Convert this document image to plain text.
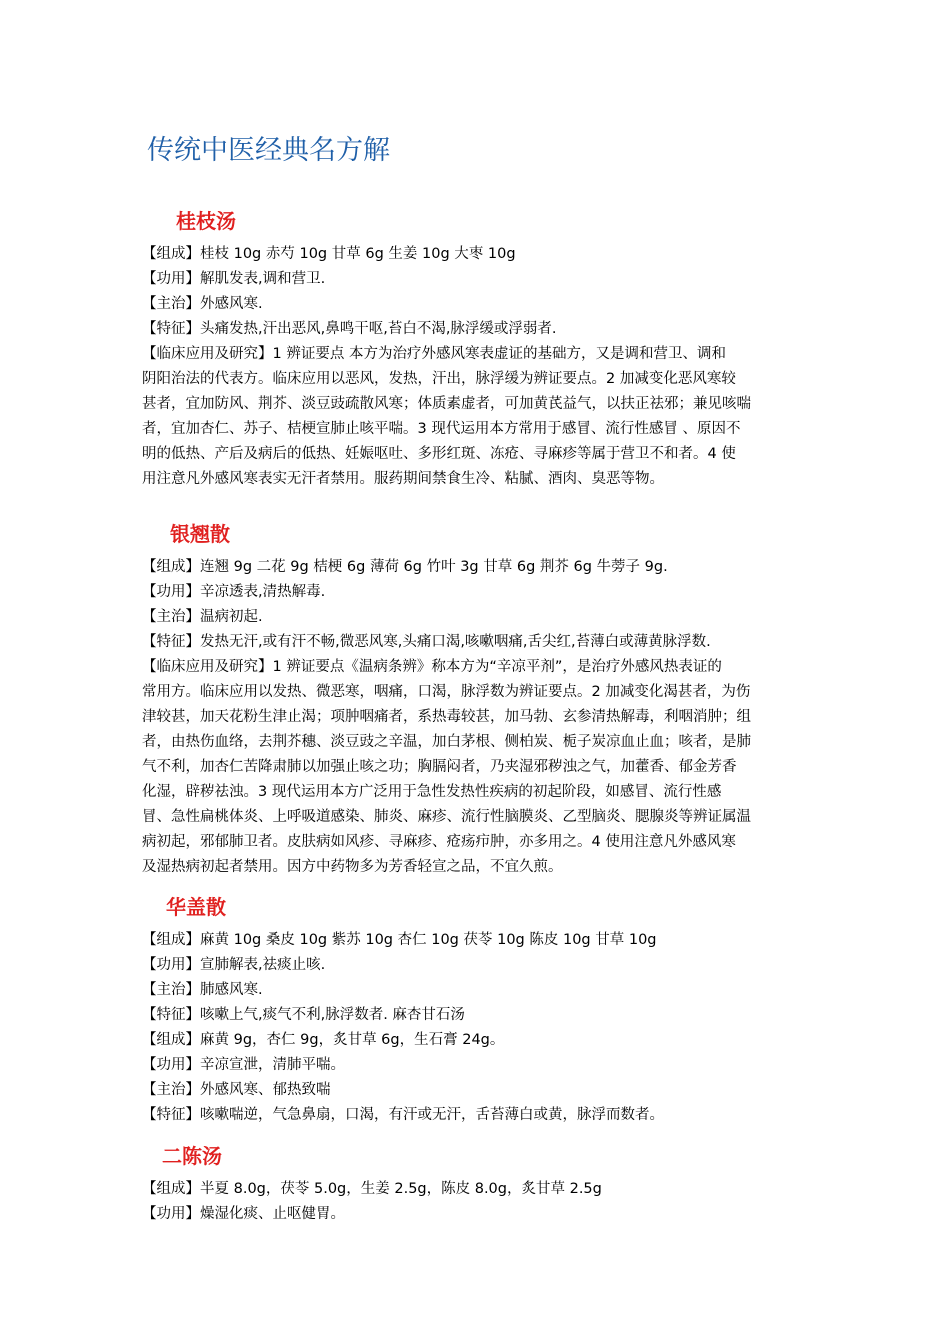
传统中医经典名方解
桂枝汤
【组成】桂枝 10g 赤芍 10g 甘草 6g 生姜 10g 大枣 10g
【功用】解肌发表,调和营卫.
【主治】外感风寒.
【特征】头痛发热,汗出恶风,鼻鸣干呕,苔白不渴,脉浮缓或浮弱者.
【临床应用及研究】1 辨证要点 本方为治疗外感风寒表虚证的基础方，又是调和营卫、调和
阴阳治法的代表方。临床应用以恶风，发热，汗出，脉浮缓为辨证要点。2 加减变化恶风寒较
甚者，宜加防风、荆芥、淡豆豉疏散风寒；体质素虚者，可加黄芪益气，以扶正祛邪；兼见咳喘
者，宜加杏仁、苏子、桔梗宣肺止咳平喘。3 现代运用本方常用于感冒、流行性感冒 、原因不
明的低热、产后及病后的低热、妊娠呕吐、多形红斑、冻疮、寻麻疹等属于营卫不和者。4 使
用注意凡外感风寒表实无汗者禁用。服药期间禁食生冷、粘腻、酒肉、臭恶等物。
银翘散
【组成】连翘 9g 二花 9g 桔梗 6g 薄荷 6g 竹叶 3g 甘草 6g 荆芥 6g 牛蒡子 9g.
【功用】辛凉透表,清热解毒.
【主治】温病初起.
【特征】发热无汗,或有汗不畅,微恶风寒,头痛口渴,咳嗽咽痛,舌尖红,苔薄白或薄黄脉浮数.
【临床应用及研究】1 辨证要点《温病条辨》称本方为“辛凉平剂”，是治疗外感风热表证的
常用方。临床应用以发热、微恶寒，咽痛，口渴，脉浮数为辨证要点。2 加减变化渴甚者，为伤
津较甚，加天花粉生津止渴；项肿咽痛者，系热毒较甚，加马勃、玄参清热解毒，利咽消肿；组
者，由热伤血络，去荆芥穗、淡豆豉之辛温，加白茅根、侧柏炭、栀子炭凉血止血；咳者，是肺
气不利，加杏仁苦降肃肺以加强止咳之功；胸膈闷者，乃夹湿邪秽浊之气，加藿香、郁金芳香
化湿，辟秽祛浊。3 现代运用本方广泛用于急性发热性疾病的初起阶段，如感冒、流行性感
冒、急性扁桃体炎、上呼吸道感染、肺炎、麻疹、流行性脑膜炎、乙型脑炎、腮腺炎等辨证属温
病初起，邪郁肺卫者。皮肤病如风疹、寻麻疹、疮疡疖肿，亦多用之。4 使用注意凡外感风寒
及湿热病初起者禁用。因方中药物多为芳香轻宣之品，不宜久煎。
华盖散
【组成】麻黄 10g 桑皮 10g 紫苏 10g 杏仁 10g 茯苓 10g 陈皮 10g 甘草 10g
【功用】宣肺解表,祛痰止咳.
【主治】肺感风寒.
【特征】咳嗽上气,痰气不利,脉浮数者. 麻杏甘石汤
【组成】麻黄 9g，杏仁 9g，炙甘草 6g，生石膏 24g。
【功用】辛凉宣泄，清肺平喘。
【主治】外感风寒、郁热致喘
【特征】咳嗽喘逆，气急鼻扇，口渴，有汗或无汗，舌苔薄白或黄，脉浮而数者。
二陈汤
【组成】半夏 8.0g，茯苓 5.0g，生姜 2.5g，陈皮 8.0g，炙甘草 2.5g
【功用】燥湿化痰、止呕健胃。
